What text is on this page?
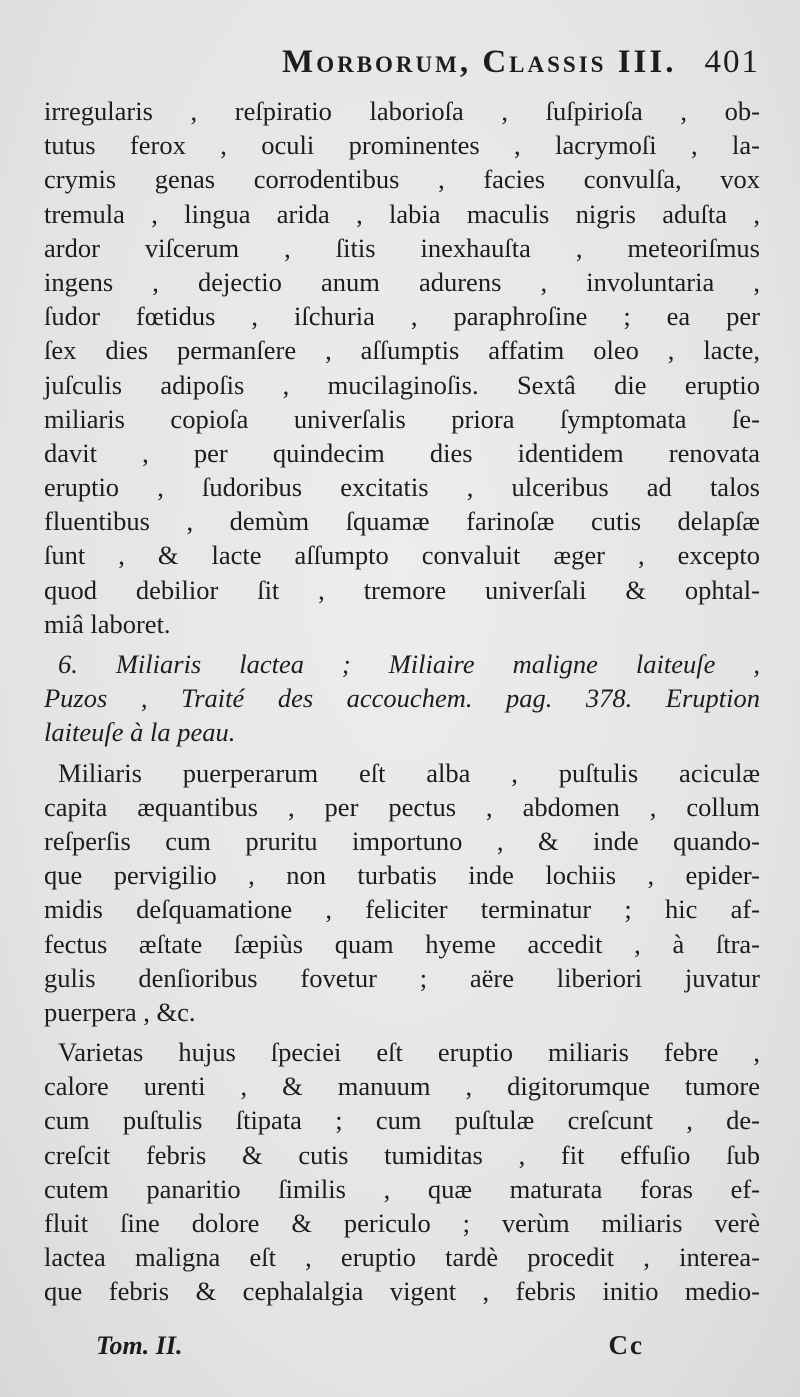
Morborum, Classis III. 401
irregularis , reſpiratio laborioſa , ſuſpirioſa , ob-
tutus ferox , oculi prominentes , lacrymoſi , la-
crymis genas corrodentibus , facies convulſa, vox
tremula , lingua arida , labia maculis nigris aduſta ,
ardor viſcerum , ſitis inexhauſta , meteoriſmus
ingens , dejectio anum adurens , involuntaria ,
ſudor fœtidus , iſchuria , paraphroſine ; ea per
ſex dies permanſere , aſſumptis affatim oleo , lacte,
juſculis adipoſis , mucilaginoſis. Sextâ die eruptio
miliaris copioſa univerſalis priora ſymptomata ſe-
davit , per quindecim dies identidem renovata
eruptio , ſudoribus excitatis , ulceribus ad talos
fluentibus , demùm ſquamæ farinoſæ cutis delapſæ
ſunt , & lacte aſſumpto convaluit æger , excepto
quod debilior ſit , tremore univerſali & ophtal-
miâ laboret.
6. Miliaris lactea ; Miliaire maligne laiteuſe ,
Puzos , Traité des accouchem. pag. 378. Eruption
laiteuſe à la peau.
Miliaris puerperarum eſt alba , puſtulis aciculæ
capita æquantibus , per pectus , abdomen , collum
reſperſis cum pruritu importuno , & inde quando-
que pervigilio , non turbatis inde lochiis , epider-
midis deſquamatione , feliciter terminatur ; hic af-
fectus æſtate ſæpiùs quam hyeme accedit , à ſtra-
gulis denſioribus fovetur ; aëre liberiori juvatur
puerpera , &c.
Varietas hujus ſpeciei eſt eruptio miliaris febre ,
calore urenti , & manuum , digitorumque tumore
cum puſtulis ſtipata ; cum puſtulæ creſcunt , de-
creſcit febris & cutis tumiditas , fit effuſio ſub
cutem panaritio ſimilis , quæ maturata foras ef-
fluit ſine dolore & periculo ; verùm miliaris verè
lactea maligna eſt , eruptio tardè procedit , interea-
que febris & cephalalgia vigent , febris initio medio-
Tom. II.	Cc
